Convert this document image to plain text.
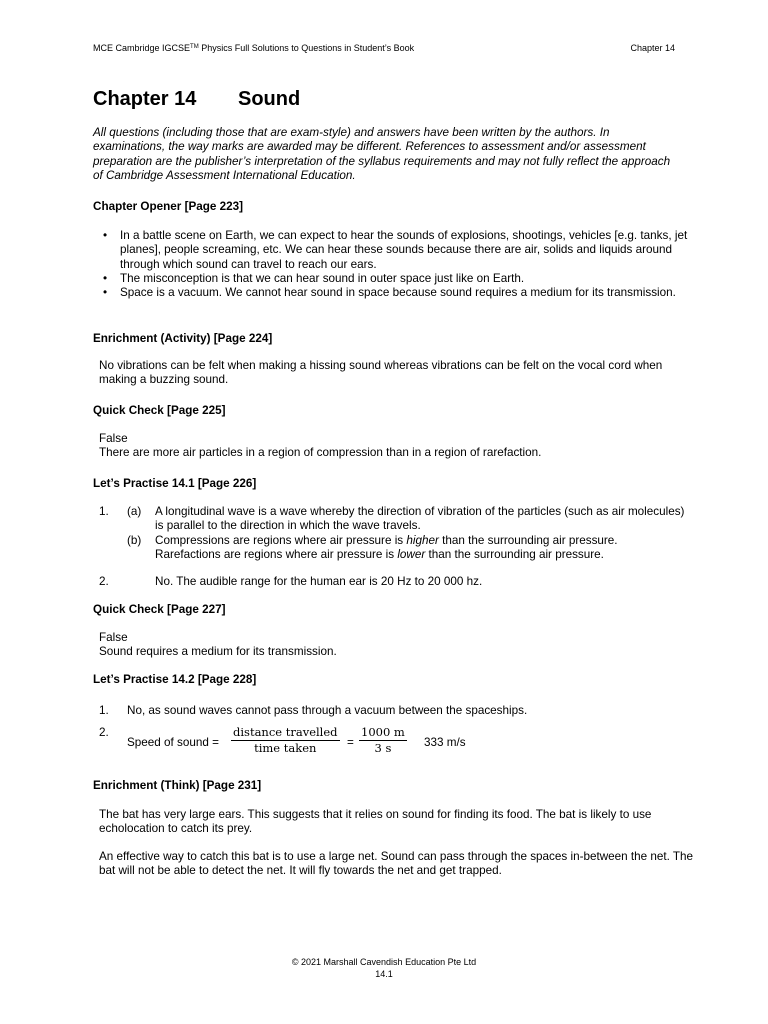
MCE Cambridge IGCSE™ Physics Full Solutions to Questions in Student’s Book	Chapter 14
Chapter 14 Sound
All questions (including those that are exam-style) and answers have been written by the authors. In examinations, the way marks are awarded may be different. References to assessment and/or assessment preparation are the publisher’s interpretation of the syllabus requirements and may not fully reflect the approach of Cambridge Assessment International Education.
Chapter Opener [Page 223]
• In a battle scene on Earth, we can expect to hear the sounds of explosions, shootings, vehicles [e.g. tanks, jet planes], people screaming, etc. We can hear these sounds because there are air, solids and liquids around through which sound can travel to reach our ears.
• The misconception is that we can hear sound in outer space just like on Earth.
• Space is a vacuum. We cannot hear sound in space because sound requires a medium for its transmission.
Enrichment (Activity) [Page 224]
No vibrations can be felt when making a hissing sound whereas vibrations can be felt on the vocal cord when making a buzzing sound.
Quick Check [Page 225]
False
There are more air particles in a region of compression than in a region of rarefaction.
Let’s Practise 14.1 [Page 226]
1. (a) A longitudinal wave is a wave whereby the direction of vibration of the particles (such as air molecules) is parallel to the direction in which the wave travels.
(b) Compressions are regions where air pressure is higher than the surrounding air pressure.
Rarefactions are regions where air pressure is lower than the surrounding air pressure.
2.	No. The audible range for the human ear is 20 Hz to 20 000 hz.
Quick Check [Page 227]
False
Sound requires a medium for its transmission.
Let’s Practise 14.2 [Page 228]
1. No, as sound waves cannot pass through a vacuum between the spaceships.
2.
Speed of sound =
distance travelled
time taken	=
1000 m
3 s	333 m/s
Enrichment (Think) [Page 231]
The bat has very large ears. This suggests that it relies on sound for finding its food. The bat is likely to use echolocation to catch its prey.
An effective way to catch this bat is to use a large net. Sound can pass through the spaces in-between the net. The bat will not be able to detect the net. It will fly towards the net and get trapped.
© 2021 Marshall Cavendish Education Pte Ltd
14.1
